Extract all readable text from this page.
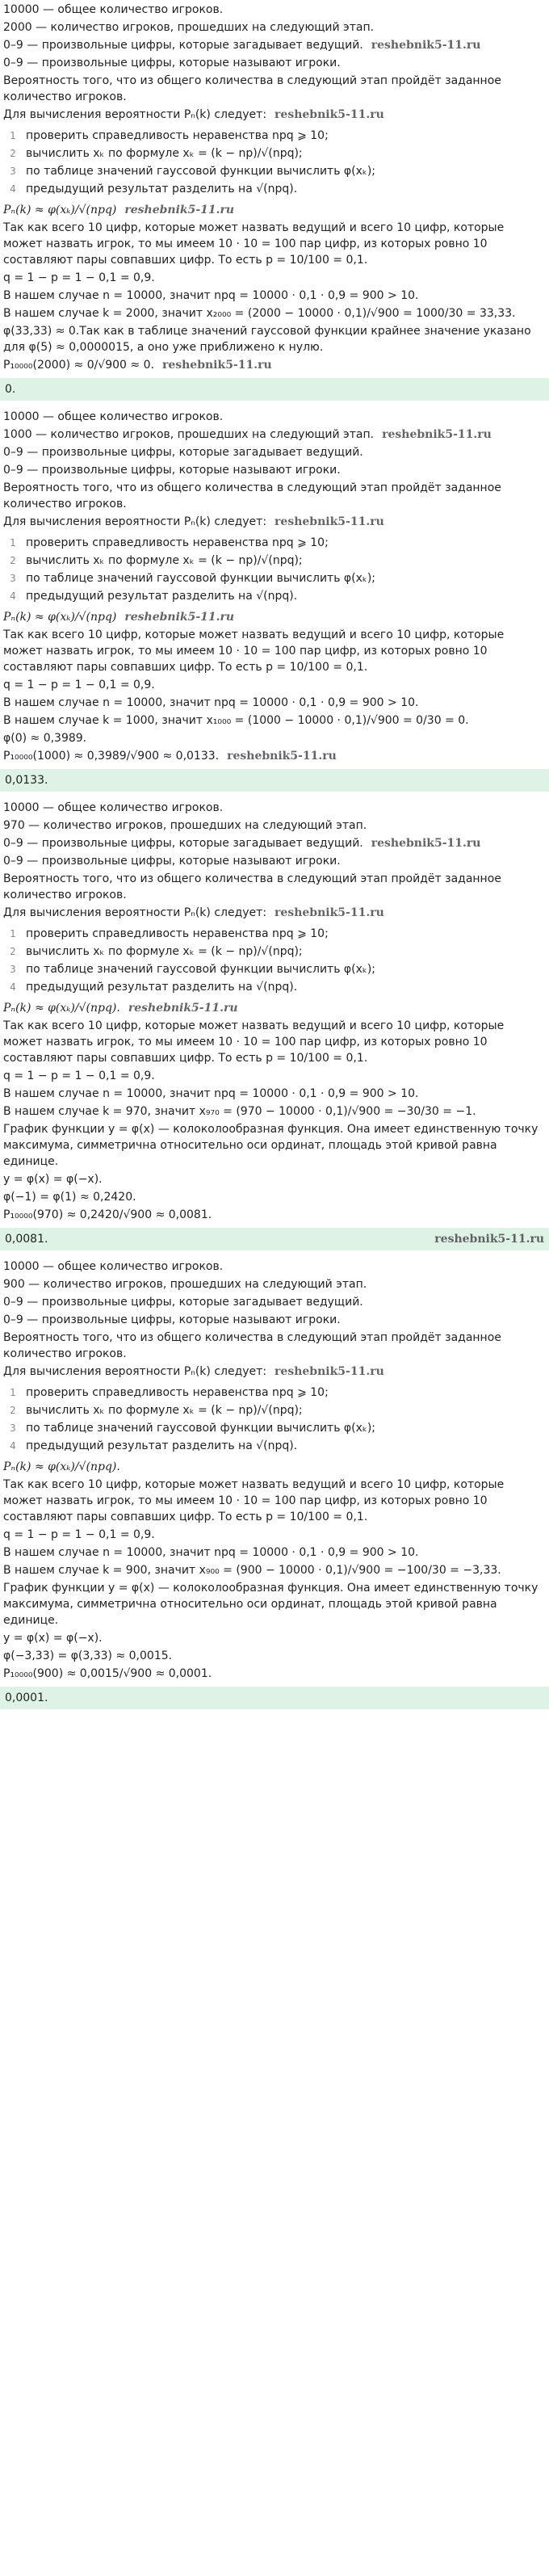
10000 — общее количество игроков.
2000 — количество игроков, прошедших на следующий этап.
0–9 — произвольные цифры, которые загадывает ведущий. reshebnik5-11.ru
0–9 — произвольные цифры, которые называют игроки.
Вероятность того, что из общего количества в следующий этап пройдёт заданное количество игроков.
Для вычисления вероятности Pₙ(k) следует: reshebnik5-11.ru
1 проверить справедливость неравенства npq ⩾ 10;
2 вычислить xₖ по формуле xₖ = (k − np)/√(npq);
3 по таблице значений гауссовой функции вычислить φ(xₖ);
4 предыдущий результат разделить на √(npq).
Pₙ(k) ≈ φ(xₖ)/√(npq) reshebnik5-11.ru
Так как всего 10 цифр, которые может назвать ведущий и всего 10 цифр, которые может назвать игрок, то мы имеем 10 · 10 = 100 пар цифр, из которых ровно 10 составляют пары совпавших цифр. То есть p = 10/100 = 0,1.
q = 1 − p = 1 − 0,1 = 0,9.
В нашем случае n = 10000, значит npq = 10000 · 0,1 · 0,9 = 900 > 10.
В нашем случае k = 2000, значит x₂₀₀₀ = (2000 − 10000 · 0,1)/√900 = 1000/30 = 33,33.
φ(33,33) ≈ 0.Так как в таблице значений гауссовой функции крайнее значение указано для φ(5) ≈ 0,0000015, а оно уже приближено к нулю.
P₁₀₀₀₀(2000) ≈ 0/√900 ≈ 0. reshebnik5-11.ru
0.
10000 — общее количество игроков.
1000 — количество игроков, прошедших на следующий этап. reshebnik5-11.ru
0–9 — произвольные цифры, которые загадывает ведущий.
0–9 — произвольные цифры, которые называют игроки.
Вероятность того, что из общего количества в следующий этап пройдёт заданное количество игроков.
Для вычисления вероятности Pₙ(k) следует: reshebnik5-11.ru
1 проверить справедливость неравенства npq ⩾ 10;
2 вычислить xₖ по формуле xₖ = (k − np)/√(npq);
3 по таблице значений гауссовой функции вычислить φ(xₖ);
4 предыдущий результат разделить на √(npq).
Pₙ(k) ≈ φ(xₖ)/√(npq) reshebnik5-11.ru
Так как всего 10 цифр, которые может назвать ведущий и всего 10 цифр, которые может назвать игрок, то мы имеем 10 · 10 = 100 пар цифр, из которых ровно 10 составляют пары совпавших цифр. То есть p = 10/100 = 0,1.
q = 1 − p = 1 − 0,1 = 0,9.
В нашем случае n = 10000, значит npq = 10000 · 0,1 · 0,9 = 900 > 10.
В нашем случае k = 1000, значит x₁₀₀₀ = (1000 − 10000 · 0,1)/√900 = 0/30 = 0.
φ(0) ≈ 0,3989.
P₁₀₀₀₀(1000) ≈ 0,3989/√900 ≈ 0,0133. reshebnik5-11.ru
0,0133.
10000 — общее количество игроков.
970 — количество игроков, прошедших на следующий этап.
0–9 — произвольные цифры, которые загадывает ведущий. reshebnik5-11.ru
0–9 — произвольные цифры, которые называют игроки.
Вероятность того, что из общего количества в следующий этап пройдёт заданное количество игроков.
Для вычисления вероятности Pₙ(k) следует: reshebnik5-11.ru
1 проверить справедливость неравенства npq ⩾ 10;
2 вычислить xₖ по формуле xₖ = (k − np)/√(npq);
3 по таблице значений гауссовой функции вычислить φ(xₖ);
4 предыдущий результат разделить на √(npq).
Pₙ(k) ≈ φ(xₖ)/√(npq). reshebnik5-11.ru
Так как всего 10 цифр, которые может назвать ведущий и всего 10 цифр, которые может назвать игрок, то мы имеем 10 · 10 = 100 пар цифр, из которых ровно 10 составляют пары совпавших цифр. То есть p = 10/100 = 0,1.
q = 1 − p = 1 − 0,1 = 0,9.
В нашем случае n = 10000, значит npq = 10000 · 0,1 · 0,9 = 900 > 10.
В нашем случае k = 970, значит x₉₇₀ = (970 − 10000 · 0,1)/√900 = −30/30 = −1.
График функции y = φ(x) — колоколообразная функция. Она имеет единственную точку максимума, симметрична относительно оси ординат, площадь этой кривой равна единице.
y = φ(x) = φ(−x).
φ(−1) = φ(1) ≈ 0,2420.
P₁₀₀₀₀(970) ≈ 0,2420/√900 ≈ 0,0081.
0,0081.	reshebnik5-11.ru
10000 — общее количество игроков.
900 — количество игроков, прошедших на следующий этап.
0–9 — произвольные цифры, которые загадывает ведущий.
0–9 — произвольные цифры, которые называют игроки.
Вероятность того, что из общего количества в следующий этап пройдёт заданное количество игроков.
Для вычисления вероятности Pₙ(k) следует: reshebnik5-11.ru
1 проверить справедливость неравенства npq ⩾ 10;
2 вычислить xₖ по формуле xₖ = (k − np)/√(npq);
3 по таблице значений гауссовой функции вычислить φ(xₖ);
4 предыдущий результат разделить на √(npq).
Pₙ(k) ≈ φ(xₖ)/√(npq).
Так как всего 10 цифр, которые может назвать ведущий и всего 10 цифр, которые может назвать игрок, то мы имеем 10 · 10 = 100 пар цифр, из которых ровно 10 составляют пары совпавших цифр. То есть p = 10/100 = 0,1.
q = 1 − p = 1 − 0,1 = 0,9.
В нашем случае n = 10000, значит npq = 10000 · 0,1 · 0,9 = 900 > 10.
В нашем случае k = 900, значит x₉₀₀ = (900 − 10000 · 0,1)/√900 = −100/30 = −3,33.
График функции y = φ(x) — колоколообразная функция. Она имеет единственную точку максимума, симметрична относительно оси ординат, площадь этой кривой равна единице.
y = φ(x) = φ(−x).
φ(−3,33) = φ(3,33) ≈ 0,0015.
P₁₀₀₀₀(900) ≈ 0,0015/√900 ≈ 0,0001.
0,0001.
